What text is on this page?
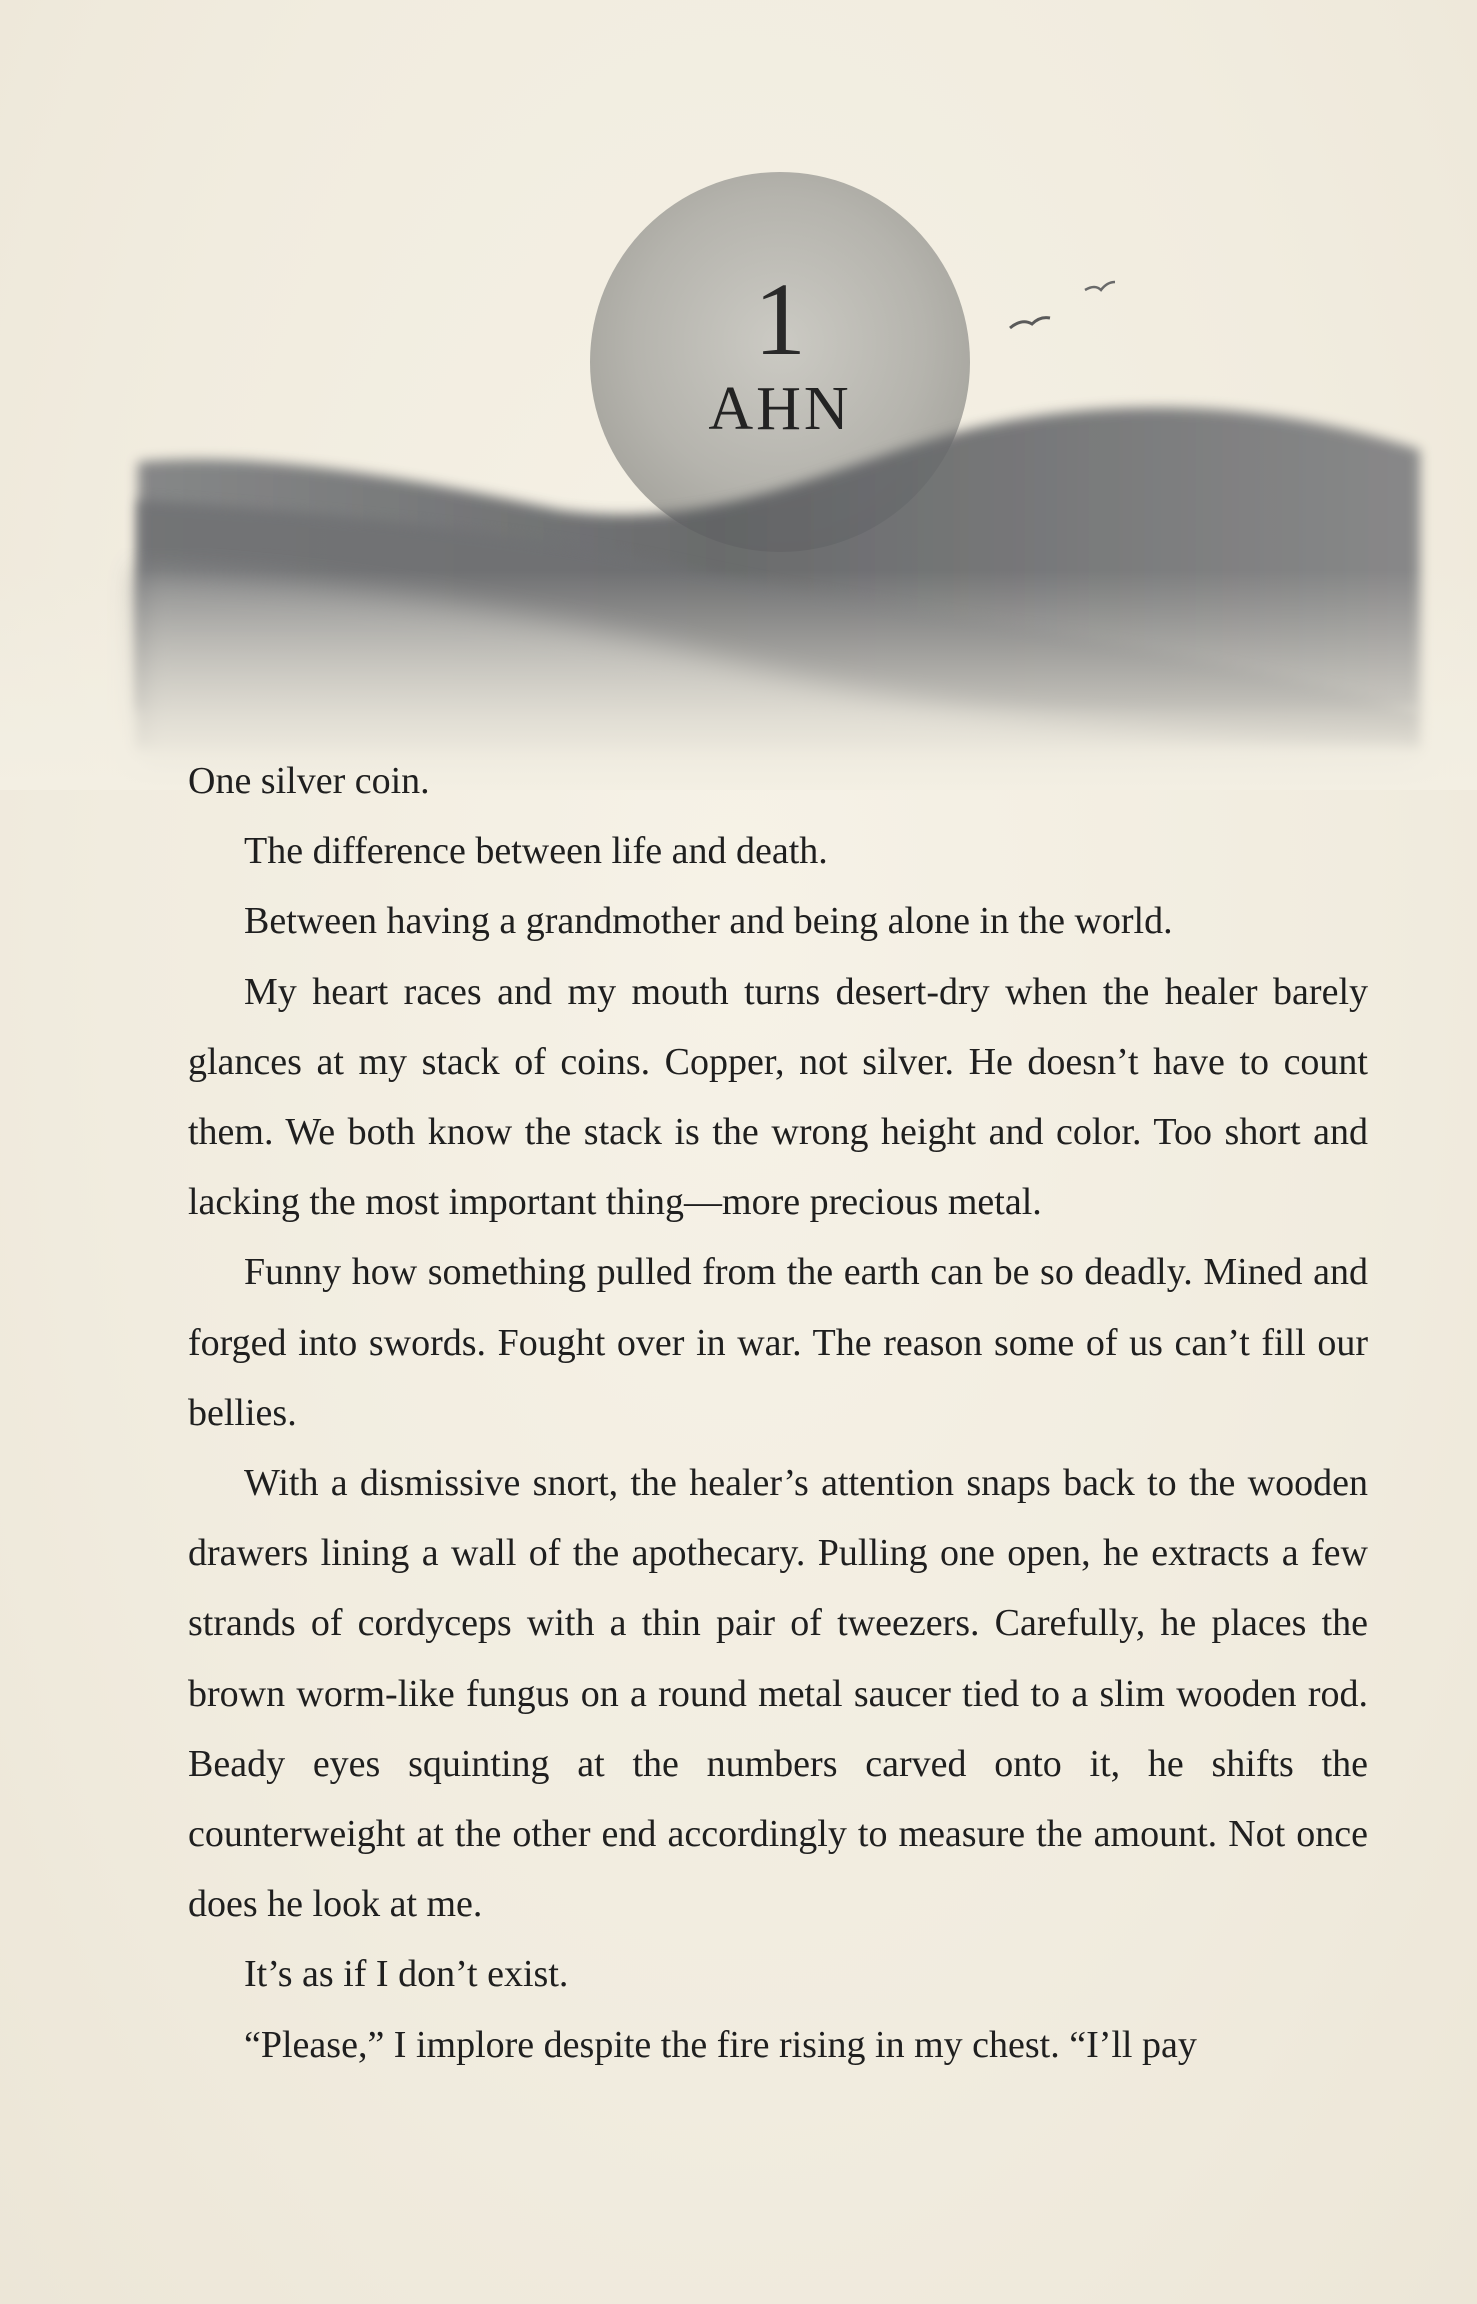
1
AHN

One silver coin.

The difference between life and death.

Between having a grandmother and being alone in the world.

My heart races and my mouth turns desert-dry when the healer barely glances at my stack of coins. Copper, not silver. He doesn’t have to count them. We both know the stack is the wrong height and color. Too short and lacking the most important thing—more precious metal.

Funny how something pulled from the earth can be so deadly. Mined and forged into swords. Fought over in war. The reason some of us can’t fill our bellies.

With a dismissive snort, the healer’s attention snaps back to the wooden drawers lining a wall of the apothecary. Pulling one open, he extracts a few strands of cordyceps with a thin pair of tweezers. Carefully, he places the brown worm-like fungus on a round metal saucer tied to a slim wooden rod. Beady eyes squinting at the numbers carved onto it, he shifts the counterweight at the other end accordingly to measure the amount. Not once does he look at me.

It’s as if I don’t exist.

“Please,” I implore despite the fire rising in my chest. “I’ll pay
